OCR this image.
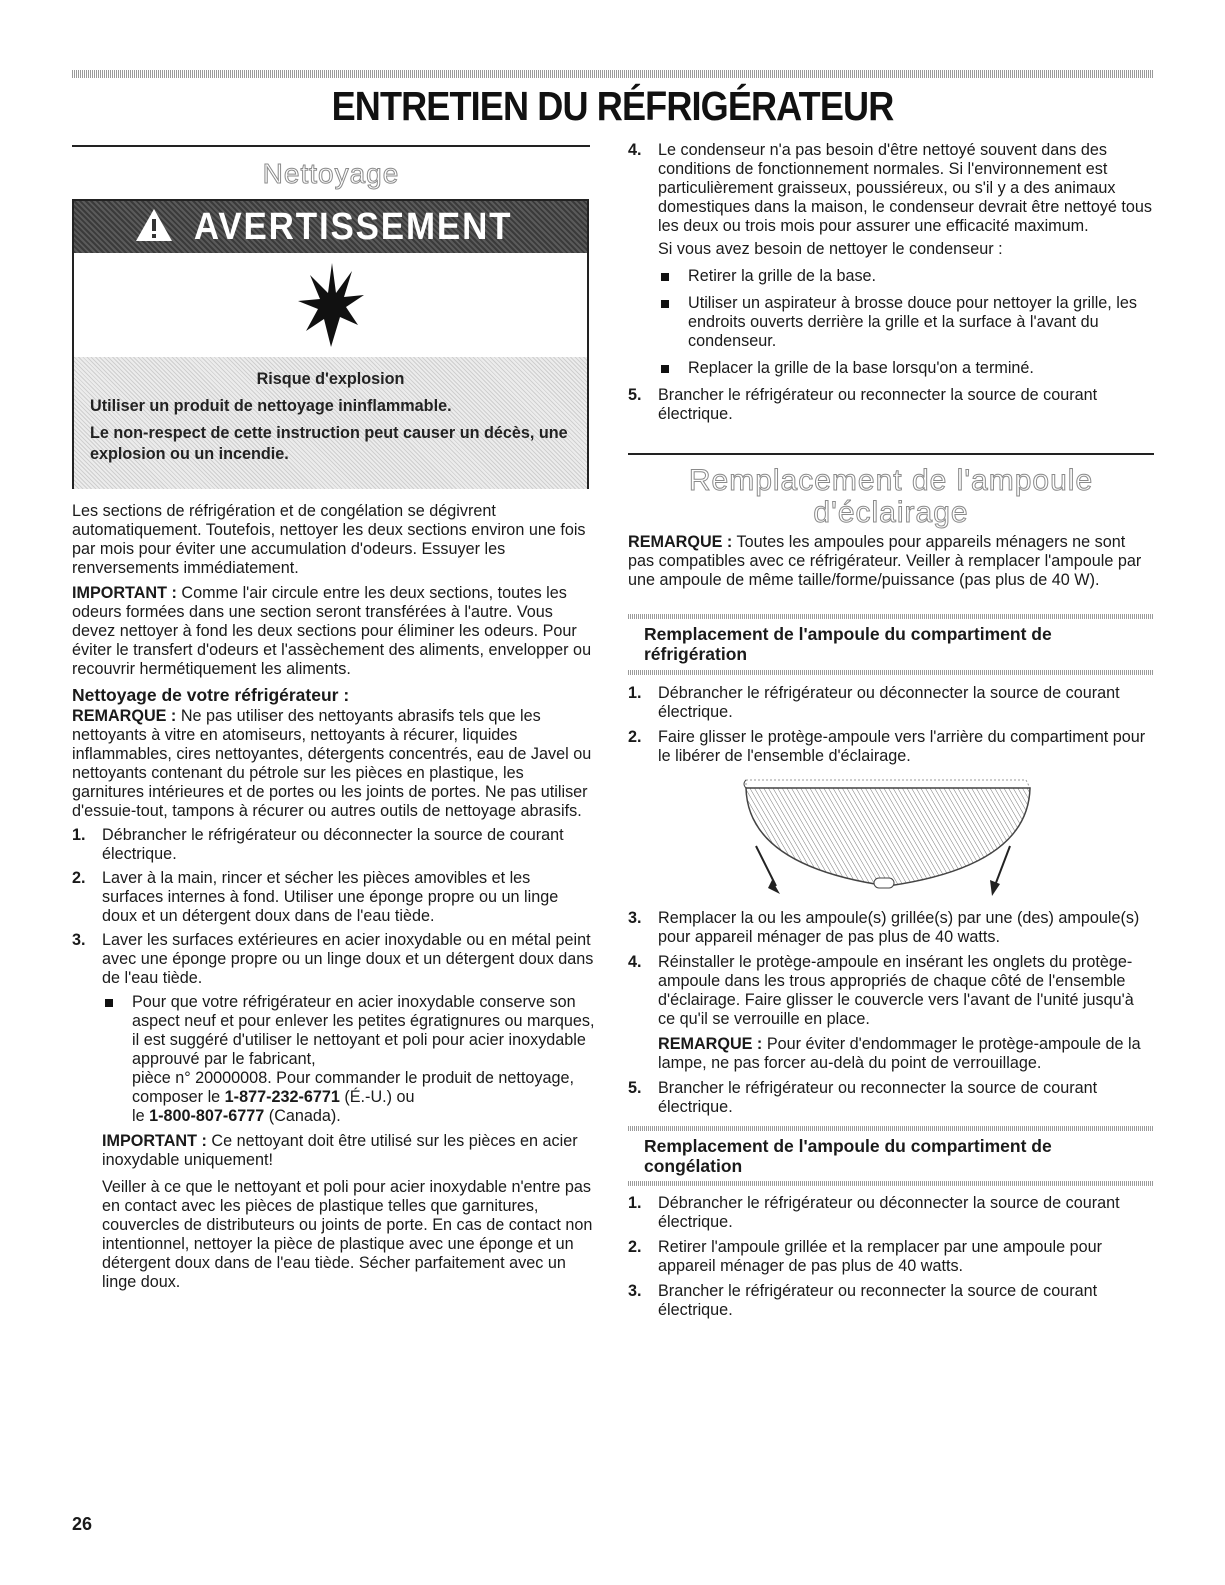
ENTRETIEN DU RÉFRIGÉRATEUR
Nettoyage
AVERTISSEMENT
Risque d'explosion
Utiliser un produit de nettoyage ininflammable.
Le non-respect de cette instruction peut causer un décès, une explosion ou un incendie.

Les sections de réfrigération et de congélation se dégivrent automatiquement. Toutefois, nettoyer les deux sections environ une fois par mois pour éviter une accumulation d'odeurs. Essuyer les renversements immédiatement.

IMPORTANT : Comme l'air circule entre les deux sections, toutes les odeurs formées dans une section seront transférées à l'autre. Vous devez nettoyer à fond les deux sections pour éliminer les odeurs. Pour éviter le transfert d'odeurs et l'assèchement des aliments, envelopper ou recouvrir hermétiquement les aliments.

Nettoyage de votre réfrigérateur :

REMARQUE : Ne pas utiliser des nettoyants abrasifs tels que les nettoyants à vitre en atomiseurs, nettoyants à récurer, liquides inflammables, cires nettoyantes, détergents concentrés, eau de Javel ou nettoyants contenant du pétrole sur les pièces en plastique, les garnitures intérieures et de portes ou les joints de portes. Ne pas utiliser d'essuie-tout, tampons à récurer ou autres outils de nettoyage abrasifs.

1. Débrancher le réfrigérateur ou déconnecter la source de courant électrique.
2. Laver à la main, rincer et sécher les pièces amovibles et les surfaces internes à fond. Utiliser une éponge propre ou un linge doux et un détergent doux dans de l'eau tiède.
3. Laver les surfaces extérieures en acier inoxydable ou en métal peint avec une éponge propre ou un linge doux et un détergent doux dans de l'eau tiède.
Pour que votre réfrigérateur en acier inoxydable conserve son aspect neuf et pour enlever les petites égratignures ou marques, il est suggéré d'utiliser le nettoyant et poli pour acier inoxydable approuvé par le fabricant,
pièce n° 20000008. Pour commander le produit de nettoyage, composer le 1-877-232-6771 (É.-U.) ou
le 1-800-807-6777 (Canada).

IMPORTANT : Ce nettoyant doit être utilisé sur les pièces en acier inoxydable uniquement!

Veiller à ce que le nettoyant et poli pour acier inoxydable n'entre pas en contact avec les pièces de plastique telles que garnitures, couvercles de distributeurs ou joints de porte. En cas de contact non intentionnel, nettoyer la pièce de plastique avec une éponge et un détergent doux dans de l'eau tiède. Sécher parfaitement avec un linge doux.

4. Le condenseur n'a pas besoin d'être nettoyé souvent dans des conditions de fonctionnement normales. Si l'environnement est particulièrement graisseux, poussiéreux, ou s'il y a des animaux domestiques dans la maison, le condenseur devrait être nettoyé tous les deux ou trois mois pour assurer une efficacité maximum.

Si vous avez besoin de nettoyer le condenseur :

Retirer la grille de la base.
Utiliser un aspirateur à brosse douce pour nettoyer la grille, les endroits ouverts derrière la grille et la surface à l'avant du condenseur.
Replacer la grille de la base lorsqu'on a terminé.
5. Brancher le réfrigérateur ou reconnecter la source de courant électrique.
Remplacement de l'ampoule d'éclairage

REMARQUE : Toutes les ampoules pour appareils ménagers ne sont pas compatibles avec ce réfrigérateur. Veiller à remplacer l'ampoule par une ampoule de même taille/forme/puissance (pas plus de 40 W).

Remplacement de l'ampoule du compartiment de réfrigération

1. Débrancher le réfrigérateur ou déconnecter la source de courant électrique.
2. Faire glisser le protège-ampoule vers l'arrière du compartiment pour le libérer de l'ensemble d'éclairage.
3. Remplacer la ou les ampoule(s) grillée(s) par une (des) ampoule(s) pour appareil ménager de pas plus de 40 watts.
4. Réinstaller le protège-ampoule en insérant les onglets du protège-ampoule dans les trous appropriés de chaque côté de l'ensemble d'éclairage. Faire glisser le couvercle vers l'avant de l'unité jusqu'à ce qu'il se verrouille en place.

REMARQUE : Pour éviter d'endommager le protège-ampoule de la lampe, ne pas forcer au-delà du point de verrouillage.

5. Brancher le réfrigérateur ou reconnecter la source de courant électrique.

Remplacement de l'ampoule du compartiment de congélation

1. Débrancher le réfrigérateur ou déconnecter la source de courant électrique.
2. Retirer l'ampoule grillée et la remplacer par une ampoule pour appareil ménager de pas plus de 40 watts.
3. Brancher le réfrigérateur ou reconnecter la source de courant électrique.
26
